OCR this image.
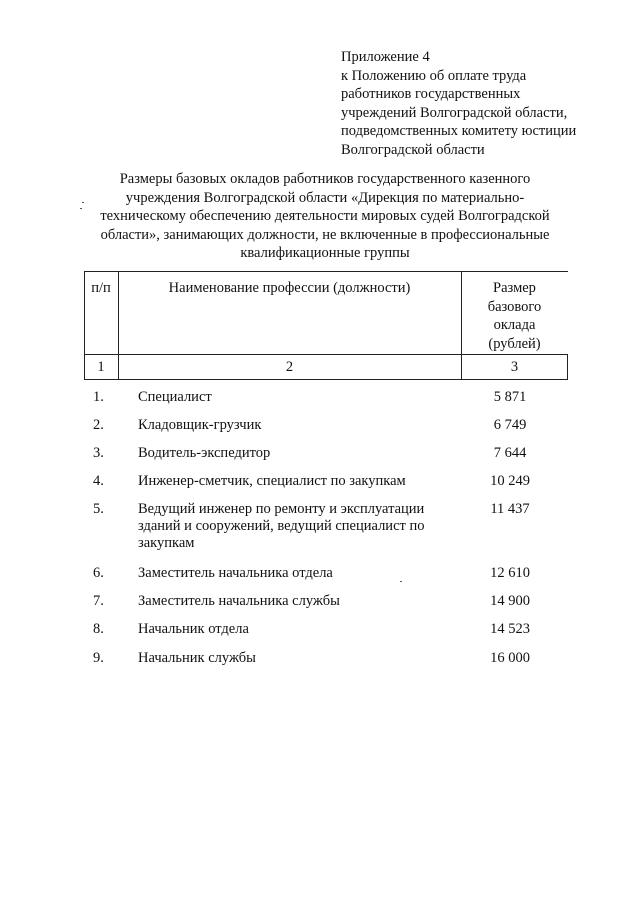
Приложение 4
к Положению об оплате труда
работников государственных
учреждений Волгоградской области,
подведомственных комитету юстиции
Волгоградской области
Размеры базовых окладов работников государственного казенного
учреждения Волгоградской области «Дирекция по материально-
техническому обеспечению деятельности мировых судей Волгоградской
области», занимающих должности, не включенные в профессиональные
квалификационные группы
п/п	Наименование профессии (должности)	Размер
базового
оклада
(рублей)
1	2	3
1. Специалист	5 871
2. Кладовщик-грузчик	6 749
3. Водитель-экспедитор	7 644
4. Инженер-сметчик, специалист по закупкам	10 249
5. Ведущий инженер по ремонту и эксплуатации
зданий и сооружений, ведущий специалист по
закупкам
11 437
6. Заместитель начальника отдела	12 610
7. Заместитель начальника службы	14 900
8. Начальник отдела	14 523
9. Начальник службы	16 000
